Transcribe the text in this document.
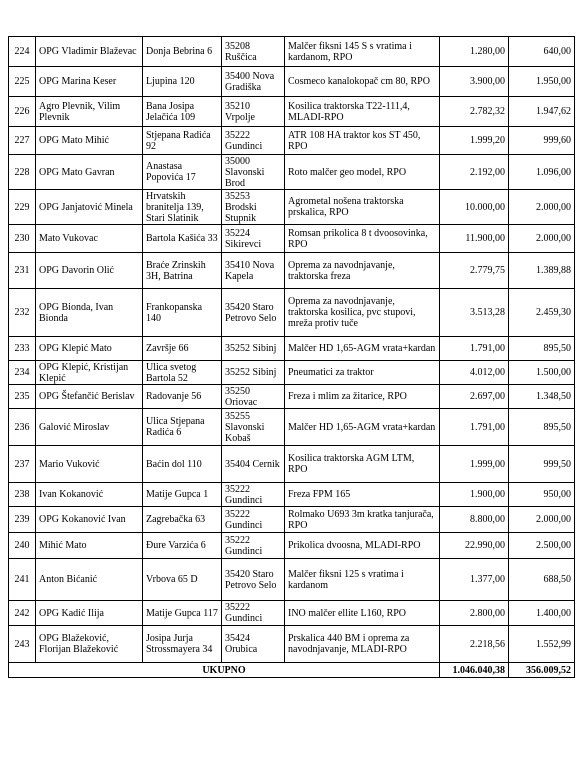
224	OPG Vladimir Blaževac	Donja Bebrina 6	35208 Ruščica	Malčer fiksni 145 S s vratima i kardanom, RPO	1.280,00	640,00
225	OPG Marina Keser	Ljupina 120	35400 Nova Gradiška	Cosmeco kanalokopač cm 80, RPO	3.900,00	1.950,00
226	Agro Plevnik, Vilim Plevnik	Bana Josipa Jelačića 109	35210 Vrpolje	Kosilica traktorska T22-111,4, MLADI-RPO	2.782,32	1.947,62
227	OPG Mato Mihić	Stjepana Radića 92	35222 Gundinci	ATR 108 HA traktor kos ST 450, RPO	1.999,20	999,60
228	OPG Mato Gavran	Anastasa Popovića 17	35000 Slavonski Brod	Roto malčer geo model, RPO	2.192,00	1.096,00
229	OPG Janjatović Minela	Hrvatskih branitelja 139, Stari Slatinik	35253 Brodski Stupnik	Agrometal nošena traktorska prskalica, RPO	10.000,00	2.000,00
230	Mato Vukovac	Bartola Kašića 33	35224 Sikirevci	Romsan prikolica 8 t dvoosovinka, RPO	11.900,00	2.000,00
231	OPG Davorin Olić	Braće Zrinskih 3H, Batrina	35410 Nova Kapela	Oprema za navodnjavanje, traktorska freza	2.779,75	1.389,88
232	OPG Bionda, Ivan Bionda	Frankopanska 140	35420 Staro Petrovo Selo	Oprema za navodnjavanje, traktorska kosilica, pvc stupovi, mreža protiv tuče	3.513,28	2.459,30
233	OPG Klepić Mato	Završje 66	35252 Sibinj	Malčer HD 1,65-AGM vrata+kardan	1.791,00	895,50
234	OPG Klepić, Kristijan Klepić	Ulica svetog Bartola 52	35252 Sibinj	Pneumatici za traktor	4.012,00	1.500,00
235	OPG Štefančić Berislav	Radovanje 56	35250 Oriovac	Freza i mlim za žitarice, RPO	2.697,00	1.348,50
236	Galović Miroslav	Ulica Stjepana Radića 6	35255 Slavonski Kobaš	Malčer HD 1,65-AGM vrata+kardan	1.791,00	895,50
237	Mario Vuković	Baćin dol 110	35404 Cernik	Kosilica traktorska AGM LTM, RPO	1.999,00	999,50
238	Ivan Kokanović	Matije Gupca 1	35222 Gundinci	Freza FPM 165	1.900,00	950,00
239	OPG Kokanović Ivan	Zagrebačka 63	35222 Gundinci	Rolmako U693 3m kratka tanjurača, RPO	8.800,00	2.000,00
240	Mihić Mato	Đure Varzića 6	35222 Gundinci	Prikolica dvoosna, MLADI-RPO	22.990,00	2.500,00
241	Anton Bićanić	Vrbova 65 D	35420 Staro Petrovo Selo	Malčer fiksni 125 s vratima i kardanom	1.377,00	688,50
242	OPG Kadić Ilija	Matije Gupca 117	35222 Gundinci	INO malčer ellite L160, RPO	2.800,00	1.400,00
243	OPG Blažeković, Florijan Blažeković	Josipa Jurja Strossmayera 34	35424 Orubica	Prskalica 440 BM i oprema za navodnjavanje, MLADI-RPO	2.218,56	1.552,99
UKUPNO					1.046.040,38	356.009,52
